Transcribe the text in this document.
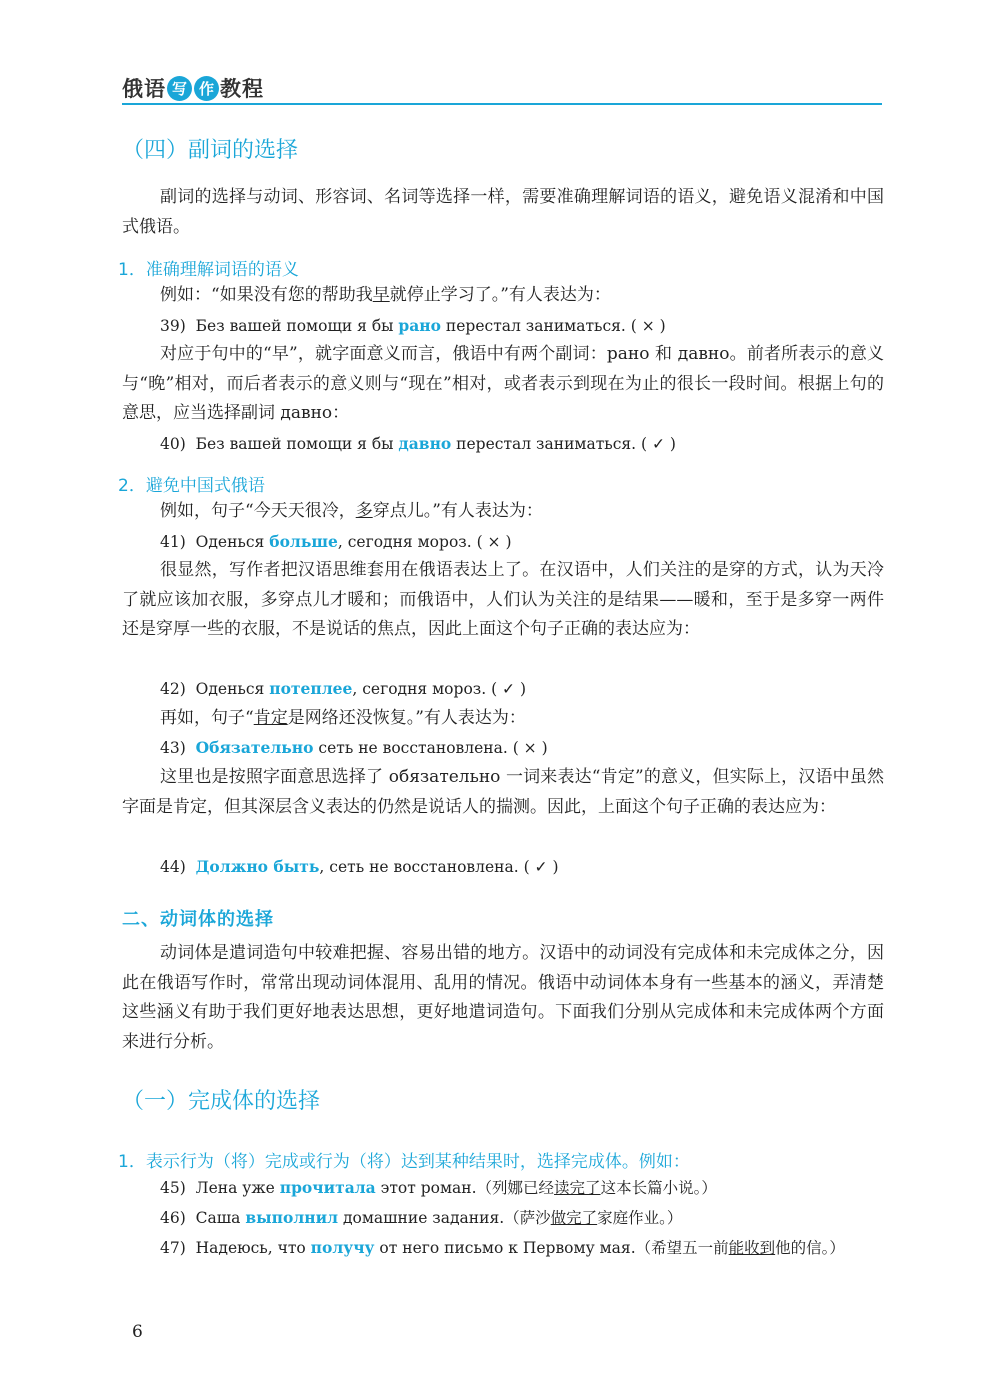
俄语 写 作 教程
（四）副词的选择
副词的选择与动词、形容词、名词等选择一样，需要准确理解词语的语义，避免语义混淆和中国式俄语。
1．准确理解词语的语义
例如：“如果没有您的帮助我早就停止学习了。”有人表达为：
39) Без вашей помощи я бы рано перестал заниматься. ( × )
对应于句中的“早”，就字面意义而言，俄语中有两个副词：рано 和 давно。前者所表示的意义与“晚”相对，而后者表示的意义则与“现在”相对，或者表示到现在为止的很长一段时间。根据上句的意思，应当选择副词 давно：
40) Без вашей помощи я бы давно перестал заниматься. ( ✓ )
2．避免中国式俄语
例如，句子“今天天很冷，多穿点儿。”有人表达为：
41) Оденься больше, сегодня мороз. ( × )
很显然，写作者把汉语思维套用在俄语表达上了。在汉语中，人们关注的是穿的方式，认为天冷了就应该加衣服，多穿点儿才暖和；而俄语中，人们认为关注的是结果——暖和，至于是多穿一两件还是穿厚一些的衣服，不是说话的焦点，因此上面这个句子正确的表达应为：
42) Оденься потеплее, сегодня мороз. ( ✓ )
再如，句子“肯定是网络还没恢复。”有人表达为：
43) Обязательно сеть не восстановлена. ( × )
这里也是按照字面意思选择了 обязательно 一词来表达“肯定”的意义，但实际上，汉语中虽然字面是肯定，但其深层含义表达的仍然是说话人的揣测。因此，上面这个句子正确的表达应为：
44) Должно быть, сеть не восстановлена. ( ✓ )
二、动词体的选择
动词体是遣词造句中较难把握、容易出错的地方。汉语中的动词没有完成体和未完成体之分，因此在俄语写作时，常常出现动词体混用、乱用的情况。俄语中动词体本身有一些基本的涵义，弄清楚这些涵义有助于我们更好地表达思想，更好地遣词造句。下面我们分别从完成体和未完成体两个方面来进行分析。
（一）完成体的选择
1．表示行为（将）完成或行为（将）达到某种结果时，选择完成体。例如：
45) Лена уже прочитала этот роман.（列娜已经读完了这本长篇小说。）
46) Саша выполнил домашние задания.（萨沙做完了家庭作业。）
47) Надеюсь, что получу от него письмо к Первому мая.（希望五一前能收到他的信。）
6
